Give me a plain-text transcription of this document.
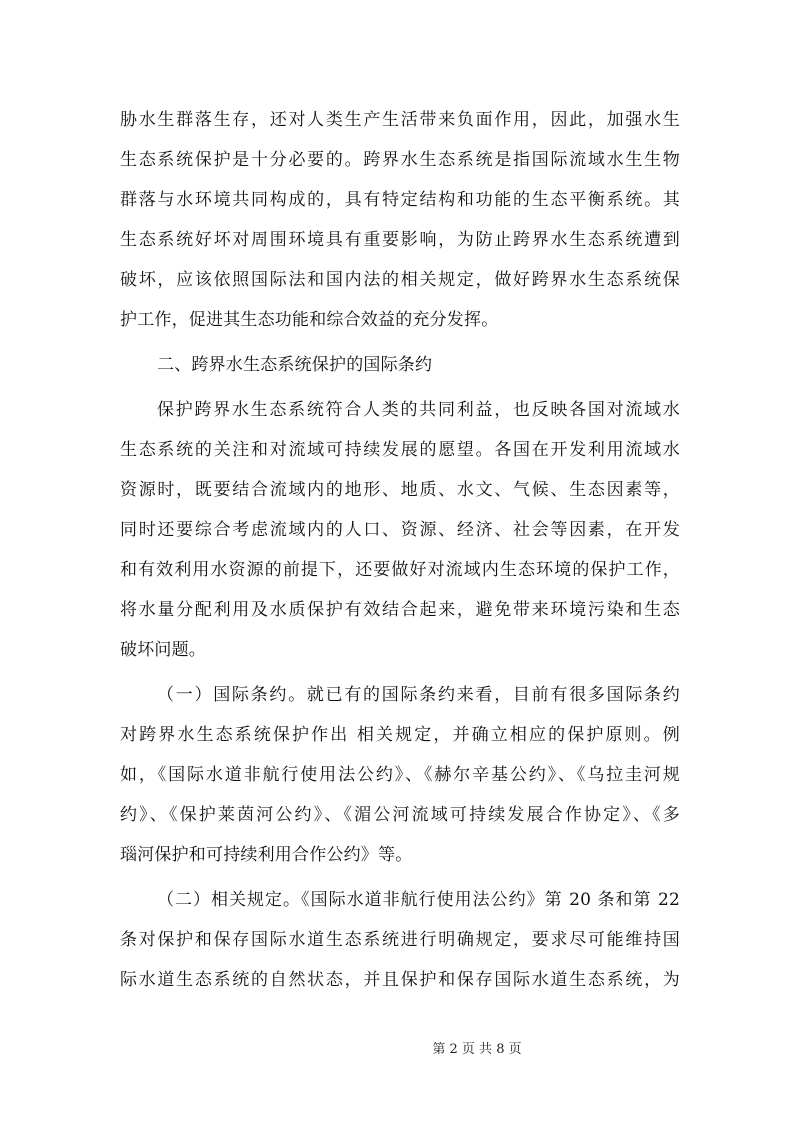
胁水生群落生存，还对人类生产生活带来负面作用，因此，加强水生
生态系统保护是十分必要的。跨界水生态系统是指国际流域水生生物
群落与水环境共同构成的，具有特定结构和功能的生态平衡系统。其
生态系统好坏对周围环境具有重要影响，为防止跨界水生态系统遭到
破坏，应该依照国际法和国内法的相关规定，做好跨界水生态系统保
护工作，促进其生态功能和综合效益的充分发挥。
二、跨界水生态系统保护的国际条约
保护跨界水生态系统符合人类的共同利益，也反映各国对流域水
生态系统的关注和对流域可持续发展的愿望。各国在开发利用流域水
资源时，既要结合流域内的地形、地质、水文、气候、生态因素等，
同时还要综合考虑流域内的人口、资源、经济、社会等因素，在开发
和有效利用水资源的前提下，还要做好对流域内生态环境的保护工作，
将水量分配利用及水质保护有效结合起来，避免带来环境污染和生态
破坏问题。
（一）国际条约。就已有的国际条约来看，目前有很多国际条约
对跨界水生态系统保护作出 相关规定，并确立相应的保护原则。例
如，《国际水道非航行使用法公约》、《赫尔辛基公约》、《乌拉圭河规
约》、《保护莱茵河公约》、《湄公河流域可持续发展合作协定》、《多
瑙河保护和可持续利用合作公约》等。
（二）相关规定。《国际水道非航行使用法公约》第 20 条和第 22
条对保护和保存国际水道生态系统进行明确规定，要求尽可能维持国
际水道生态系统的自然状态，并且保护和保存国际水道生态系统，为
第 2 页 共 8 页
